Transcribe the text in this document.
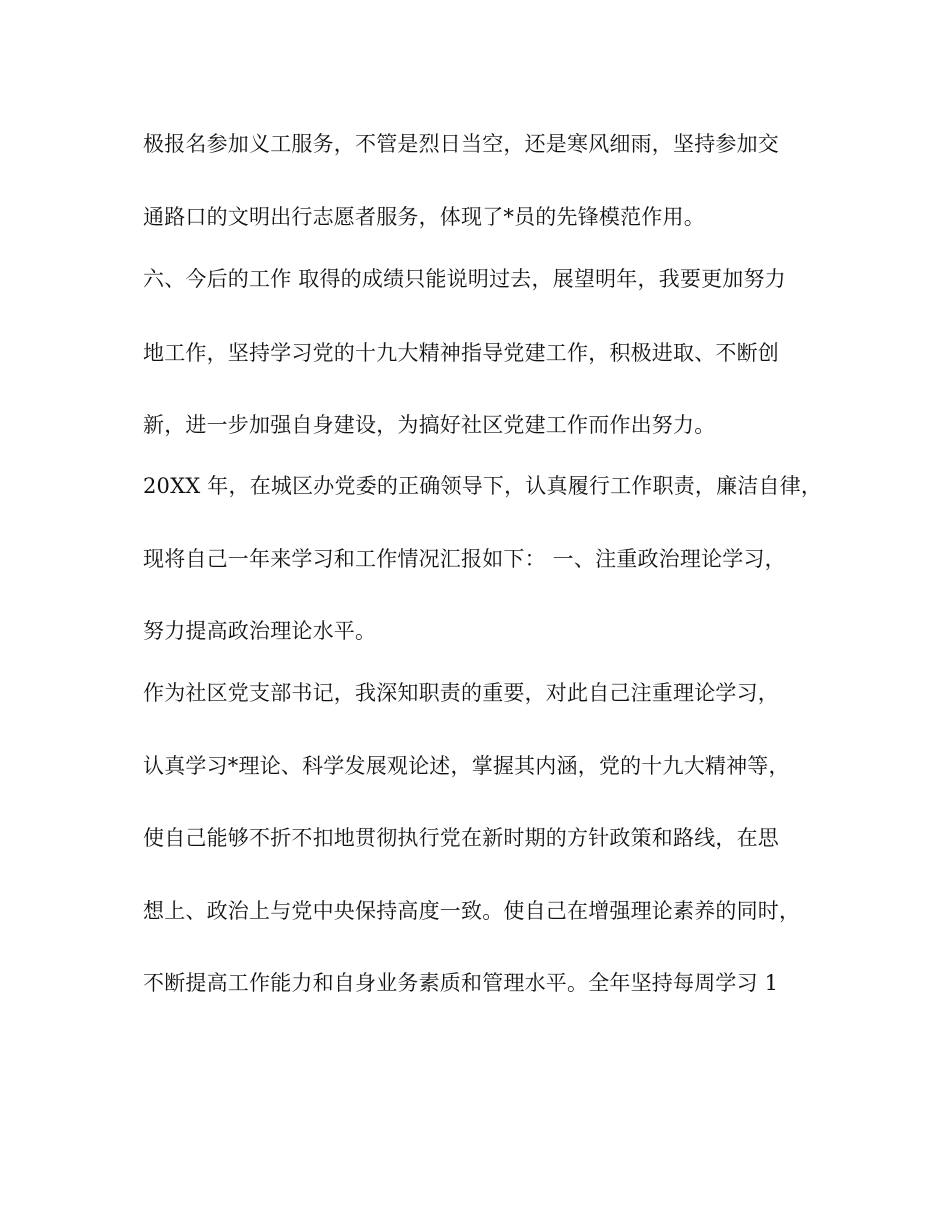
极报名参加义工服务，不管是烈日当空，还是寒风细雨，坚持参加交
通路口的文明出行志愿者服务，体现了*员的先锋模范作用。
六、今后的工作 取得的成绩只能说明过去，展望明年，我要更加努力
地工作，坚持学习党的十九大精神指导党建工作，积极进取、不断创
新，进一步加强自身建设，为搞好社区党建工作而作出努力。
20XX 年，在城区办党委的正确领导下，认真履行工作职责，廉洁自律，
现将自己一年来学习和工作情况汇报如下： 一、注重政治理论学习，
努力提高政治理论水平。
作为社区党支部书记，我深知职责的重要，对此自己注重理论学习，
认真学习*理论、科学发展观论述，掌握其内涵，党的十九大精神等，
使自己能够不折不扣地贯彻执行党在新时期的方针政策和路线，在思
想上、政治上与党中央保持高度一致。使自己在增强理论素养的同时，
不断提高工作能力和自身业务素质和管理水平。全年坚持每周学习 1
